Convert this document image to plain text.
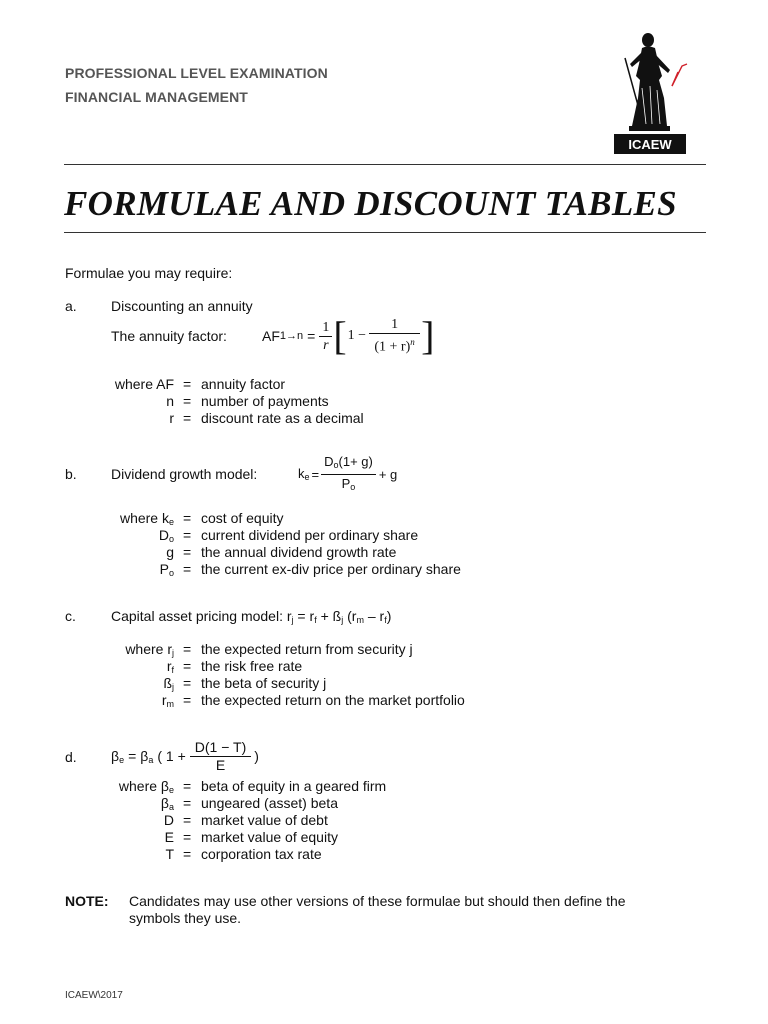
PROFESSIONAL LEVEL EXAMINATION
FINANCIAL MANAGEMENT
ICAEW
FORMULAE AND DISCOUNT TABLES
Formulae you may require:
a. Discounting an annuity
The annuity factor:	AF $1\to n = \frac{1}{r}$ [ $1 - \frac{1}{(1 + r)^n}$ ]
where AF = annuity factor
n = number of payments
r = discount rate as a decimal
b. Dividend growth model:	$k_e = \frac{D_o(1+ g)}{P_o} + g$
where $k_e = \cos t$ of equity
$D_o$ = current dividend per ordinary share
g = the annual dividend growth rate
$P_o$ = the current ex-div price per ordinary share
c.	Capital asset pricing model: $r_j = r_f$ + $ß_j$ $(r_m - r_f)$
where $r_j$ = the expected return from security j
$r_f$ = the risk free rate
$ß_j$ = the beta of security j
$r_m$ = the expected return on the market portfolio
d. $\beta_e = \beta_a$ ( $1 + \frac{D(1 - T)}{E}$ )
where $\beta_e$ = beta of equity in a geared firm
$\beta_a$ = ungeared (asset) beta
D = market value of debt
E = market value of equity
T = corporation tax rate
NOTE: Candidates may use other versions of these formulae but should then define the
symbols they use.
ICAEW\2017
